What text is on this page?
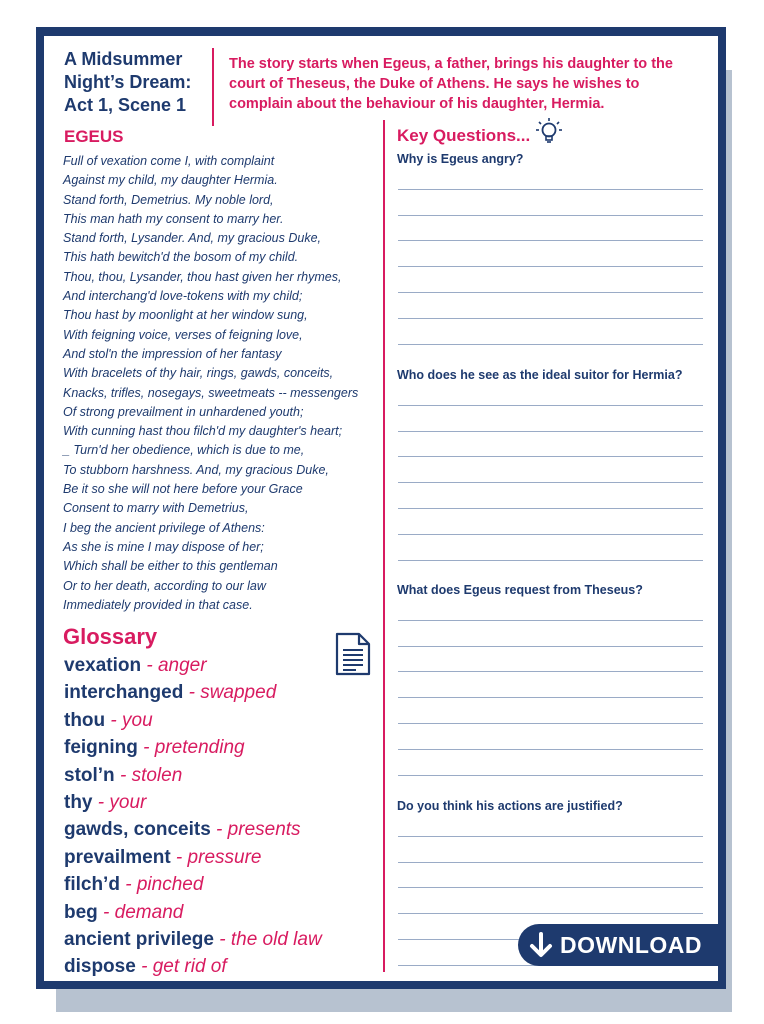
A Midsummer Night’s Dream: Act 1, Scene 1
The story starts when Egeus, a father, brings his daughter to the court of Theseus, the Duke of Athens. He says he wishes to complain about the behaviour of his daughter, Hermia.
EGEUS
Full of vexation come I, with complaint
Against my child, my daughter Hermia.
Stand forth, Demetrius. My noble lord,
This man hath my consent to marry her.
Stand forth, Lysander. And, my gracious Duke,
This hath bewitch'd the bosom of my child.
Thou, thou, Lysander, thou hast given her rhymes,
And interchang'd love-tokens with my child;
Thou hast by moonlight at her window sung,
With feigning voice, verses of feigning love,
And stol'n the impression of her fantasy
With bracelets of thy hair, rings, gawds, conceits,
Knacks, trifles, nosegays, sweetmeats -- messengers
Of strong prevailment in unhardened youth;
With cunning hast thou filch'd my daughter's heart;
_ Turn'd her obedience, which is due to me,
To stubborn harshness. And, my gracious Duke,
Be it so she will not here before your Grace
Consent to marry with Demetrius,
I beg the ancient privilege of Athens:
As she is mine I may dispose of her;
Which shall be either to this gentleman
Or to her death, according to our law
Immediately provided in that case.
Glossary
vexation - anger
interchanged - swapped
thou - you
feigning - pretending
stol’n - stolen
thy - your
gawds, conceits - presents
prevailment - pressure
filch’d - pinched
beg - demand
ancient privilege - the old law
dispose - get rid of
Key Questions...
Why is Egeus angry?
Who does he see as the ideal suitor for Hermia?
What does Egeus request from Theseus?
Do you think his actions are justified?
DOWNLOAD
